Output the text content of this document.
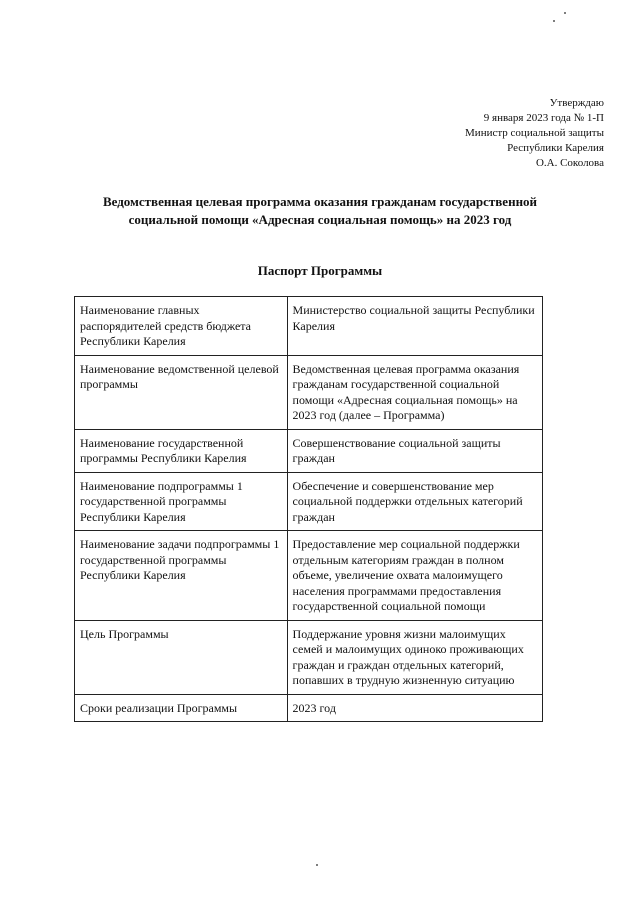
Утверждаю
9 января 2023 года № 1-П
Министр социальной защиты
Республики Карелия
О.А. Соколова
Ведомственная целевая программа оказания гражданам государственной
социальной помощи «Адресная социальная помощь» на 2023 год
Паспорт Программы
Наименование главных распорядителей средств бюджета Республики Карелия	Министерство социальной защиты Республики Карелия
Наименование ведомственной целевой программы	Ведомственная целевая программа оказания гражданам государственной социальной помощи «Адресная социальная помощь» на 2023 год (далее – Программа)
Наименование государственной программы Республики Карелия	Совершенствование социальной защиты граждан
Наименование подпрограммы 1 государственной программы Республики Карелия	Обеспечение и совершенствование мер социальной поддержки отдельных категорий граждан
Наименование задачи подпрограммы 1 государственной программы Республики Карелия	Предоставление мер социальной поддержки отдельным категориям граждан в полном объеме, увеличение охвата малоимущего населения программами предоставления государственной социальной помощи
Цель Программы	Поддержание уровня жизни малоимущих семей и малоимущих одиноко проживающих граждан и граждан отдельных категорий, попавших в трудную жизненную ситуацию
Сроки реализации Программы	2023 год
